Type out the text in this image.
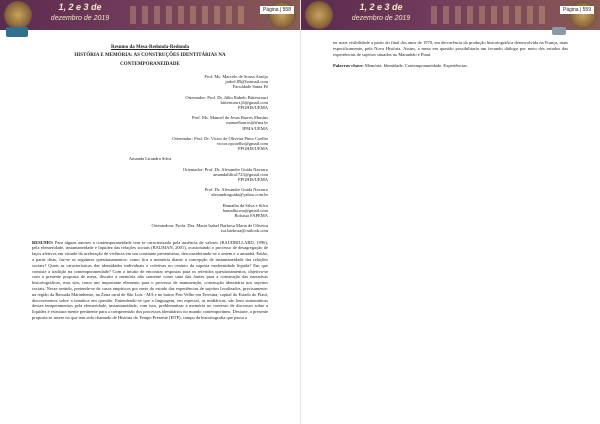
1, 2 e 3 de
dezembro de 2019
Página | 558
Resumo da Mesa-Redonda-Redonda
HISTÓRIA E MEMÓRIA: AS CONSTRUÇÕES IDENTITÁRIAS NA
CONTEMPORANEIDADE
Prof. Ms. Marcelo de Sousa Araújo
jarkel.89@hotmail.com
Faculdade Santa Fé
Orientador: Prof. Dr. Júlio Rabelo Bittencourt
bittencourt.jb@gmail.com
PPGHIS/UEMA
Prof. Ms. Manoel de Jesus Barros Martins
manoelbarros@ifma.br
IFMA/UEMA
Orientador: Prof. Dr. Victor de Oliveira Pinto Coelho
victor.opcoelho@gmail.com
PPGHIS/UEMA
Amanda Lirandra Silva
Orientador: Prof. Dr. Alexandre Guida Navarro
amandalilira1723@gmail.com
PPGHIS/UEMA
Prof. Dr. Alexandre Guida Navarro
alexandroguida@yahoo.com.br
Hamalha da Silva e Silva
hamalha.ma@gmail.com
Bolsista FAPEMA
Orientadora: Profa. Dra. Maria Isabel Barbosa Maria de Oliveira
isa.barbosa@outlook.com
RESUMO: Para alguns autores a contemporaneidade tem se caracterizado pela ausência de valores (BAUDRILLARD, 1996), pela efemeridade, instantaneidade e liquidez das relações sociais (BAUMAN, 2001), ocasionando o processo de desagregação de laços afetivos em virtude da aceleração de vivência em um constante presentismo, desconsiderando-se o ontem e o amanhã. Então, a partir disto, faz-se os seguintes questionamentos: como fica a memória diante a concepção de instantaneidade das relações sociais? Quais as características das identidades individuais e coletivas no cenário da suposta modernidade líquida? Em que consiste a tradição na contemporaneidade? Com o intuito de encontrar respostas para os referidos questionamentos, objetiva-se com a presente proposta de mesa, discutir a memória não somente como uma das fontes para a construção das narrativas historiográficas, mas sim, como um importante elemento para o processo de manutenção, construção identitária nos sujeitos sociais. Nesse sentido, pretende-se de casos empíricos por meio do estudo das experiências de sujeitos localizados, precisamente: na região da Baixada Maranhense, na Zona rural de São Luís - MA e no bairro Poti Velho em Teresina, capital do Estado do Piauí, discorreremos sobre a temática em questão. Entendendo-se que a linguagem, em especial, as midiáticas, são bem sintomáticas desses temporamentos pela efemeridade, instantaneidade, com isso, problematizar a memória no contexto de discursos sobre a liquidez é estrutura mente pertinente para a compreensão dos processos identitários no mundo contemporâneo. Destarte, a presente proposta se insere no que tem sido chamado de História do Tempo Presente (HTP), campo da historiografia que passa a
1, 2 e 3 de
dezembro de 2019
Página | 559
ter mais visibilidade a partir do final dos anos de 1970, em decorrência da produção historiográfica desenvolvida na França, mais especificamente, pela Nova História. Assim, a mesa em questão possibilitaria um fecundo diálogo por meio dos estudos das experiências de sujeitos situados no Maranhão e Piauí.
Palavras-chave: Memória. Identidade. Contemporaneidade. Experiências.
